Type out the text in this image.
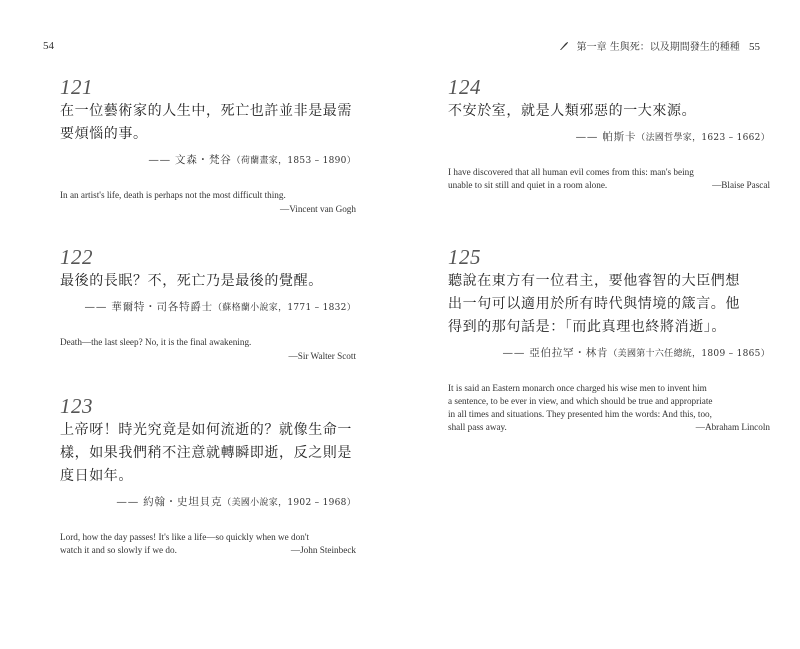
54
121
在一位藝術家的人生中，死亡也許並非是最需
要煩惱的事。
—— 文森・梵谷（荷蘭畫家，1853 – 1890）
In an artist's life, death is perhaps not the most difficult thing.
—Vincent van Gogh
122
最後的長眠？不，死亡乃是最後的覺醒。
—— 華爾特・司各特爵士（蘇格蘭小說家，1771 – 1832）
Death—the last sleep? No, it is the final awakening.
—Sir Walter Scott
123
上帝呀！時光究竟是如何流逝的？就像生命一
樣，如果我們稍不注意就轉瞬即逝，反之則是
度日如年。
—— 約翰・史坦貝克（美國小說家，1902 – 1968）
Lord, how the day passes! It's like a life—so quickly when we don't
watch it and so slowly if we do.	—John Steinbeck
第一章 生與死：以及期間發生的種種 55
124
不安於室，就是人類邪惡的一大來源。
—— 帕斯卡（法國哲學家，1623 – 1662）
I have discovered that all human evil comes from this: man's being
unable to sit still and quiet in a room alone.	—Blaise Pascal
125
聽說在東方有一位君主，要他睿智的大臣們想
出一句可以適用於所有時代與情境的箴言。他
得到的那句話是：「而此真理也終將消逝」。
—— 亞伯拉罕・林肯（美國第十六任總統，1809 – 1865）
It is said an Eastern monarch once charged his wise men to invent him
a sentence, to be ever in view, and which should be true and appropriate
in all times and situations. They presented him the words: And this, too,
shall pass away.	—Abraham Lincoln
